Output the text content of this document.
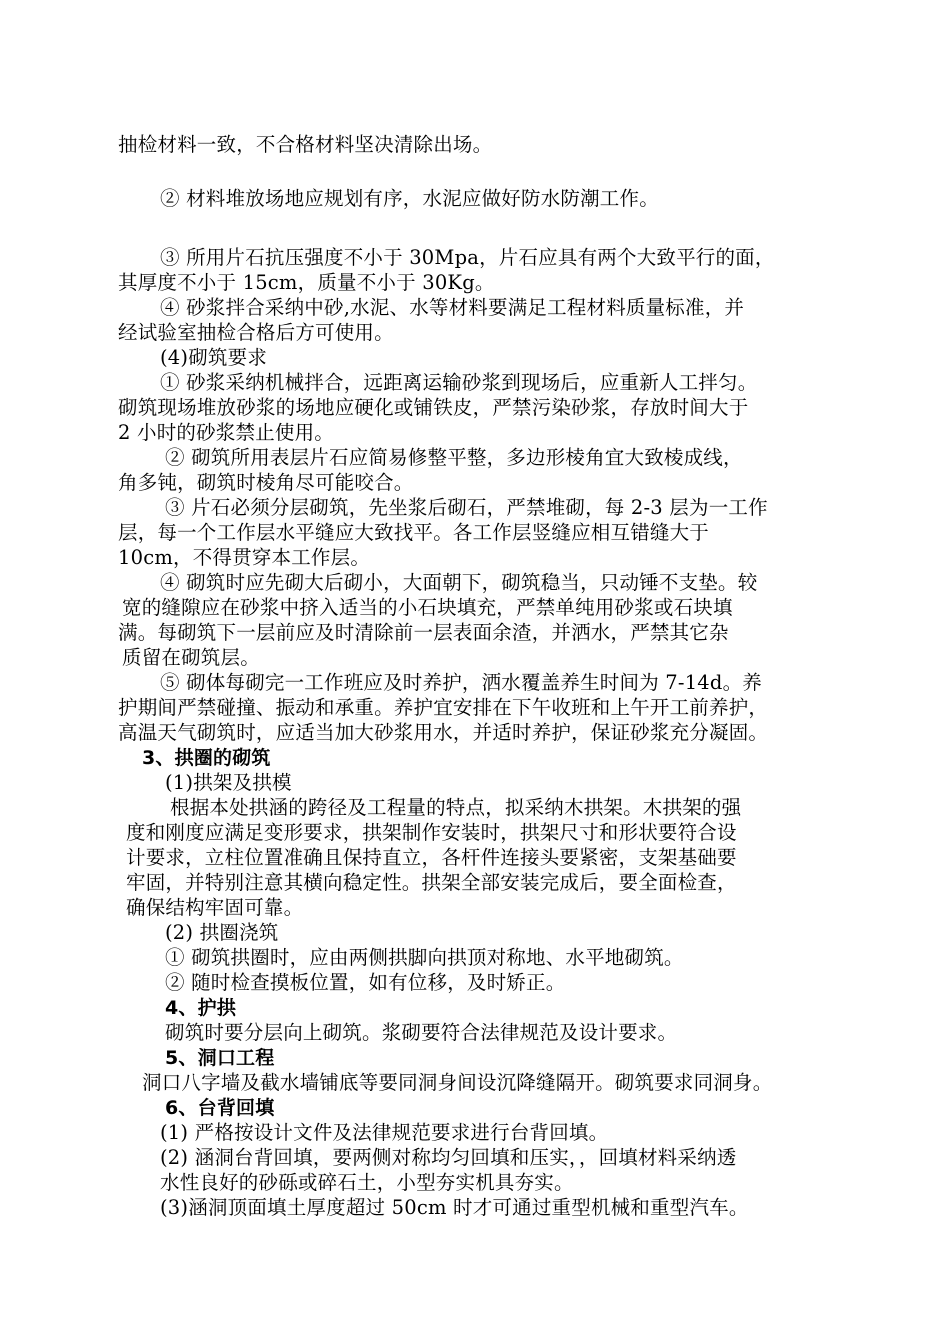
抽检材料一致，不合格材料坚决清除出场。
② 材料堆放场地应规划有序，水泥应做好防水防潮工作。
③ 所用片石抗压强度不小于 30Mpa，片石应具有两个大致平行的面，
其厚度不小于 15cm，质量不小于 30Kg。
④ 砂浆拌合采纳中砂,水泥、水等材料要满足工程材料质量标准，并
经试验室抽检合格后方可使用。
(4)砌筑要求
① 砂浆采纳机械拌合，远距离运输砂浆到现场后，应重新人工拌匀。
砌筑现场堆放砂浆的场地应硬化或铺铁皮，严禁污染砂浆，存放时间大于
2 小时的砂浆禁止使用。
② 砌筑所用表层片石应简易修整平整，多边形棱角宜大致棱成线，
角多钝，砌筑时棱角尽可能咬合。
③ 片石必须分层砌筑，先坐浆后砌石，严禁堆砌，每 2-3 层为一工作
层，每一个工作层水平缝应大致找平。各工作层竖缝应相互错缝大于
10cm，不得贯穿本工作层。
④ 砌筑时应先砌大后砌小，大面朝下，砌筑稳当，只动锤不支垫。较
宽的缝隙应在砂浆中挤入适当的小石块填充，严禁单纯用砂浆或石块填
满。每砌筑下一层前应及时清除前一层表面余渣，并洒水，严禁其它杂
质留在砌筑层。
⑤ 砌体每砌完一工作班应及时养护，洒水覆盖养生时间为 7-14d。养
护期间严禁碰撞、振动和承重。养护宜安排在下午收班和上午开工前养护，
高温天气砌筑时，应适当加大砂浆用水，并适时养护，保证砂浆充分凝固。
3、拱圈的砌筑
(1)拱架及拱模
根据本处拱涵的跨径及工程量的特点，拟采纳木拱架。木拱架的强
度和刚度应满足变形要求，拱架制作安装时，拱架尺寸和形状要符合设
计要求，立柱位置准确且保持直立，各杆件连接头要紧密，支架基础要
牢固，并特别注意其横向稳定性。拱架全部安装完成后，要全面检查，
确保结构牢固可靠。
(2) 拱圈浇筑
① 砌筑拱圈时，应由两侧拱脚向拱顶对称地、水平地砌筑。
② 随时检查摸板位置，如有位移，及时矫正。
4、护拱
砌筑时要分层向上砌筑。浆砌要符合法律规范及设计要求。
5、洞口工程
洞口八字墙及截水墙铺底等要同洞身间设沉降缝隔开。砌筑要求同洞身。
6、台背回填
(1) 严格按设计文件及法律规范要求进行台背回填。
(2) 涵洞台背回填，要两侧对称均匀回填和压实，，回填材料采纳透
水性良好的砂砾或碎石土，小型夯实机具夯实。
(3)涵洞顶面填土厚度超过 50cm 时才可通过重型机械和重型汽车。
